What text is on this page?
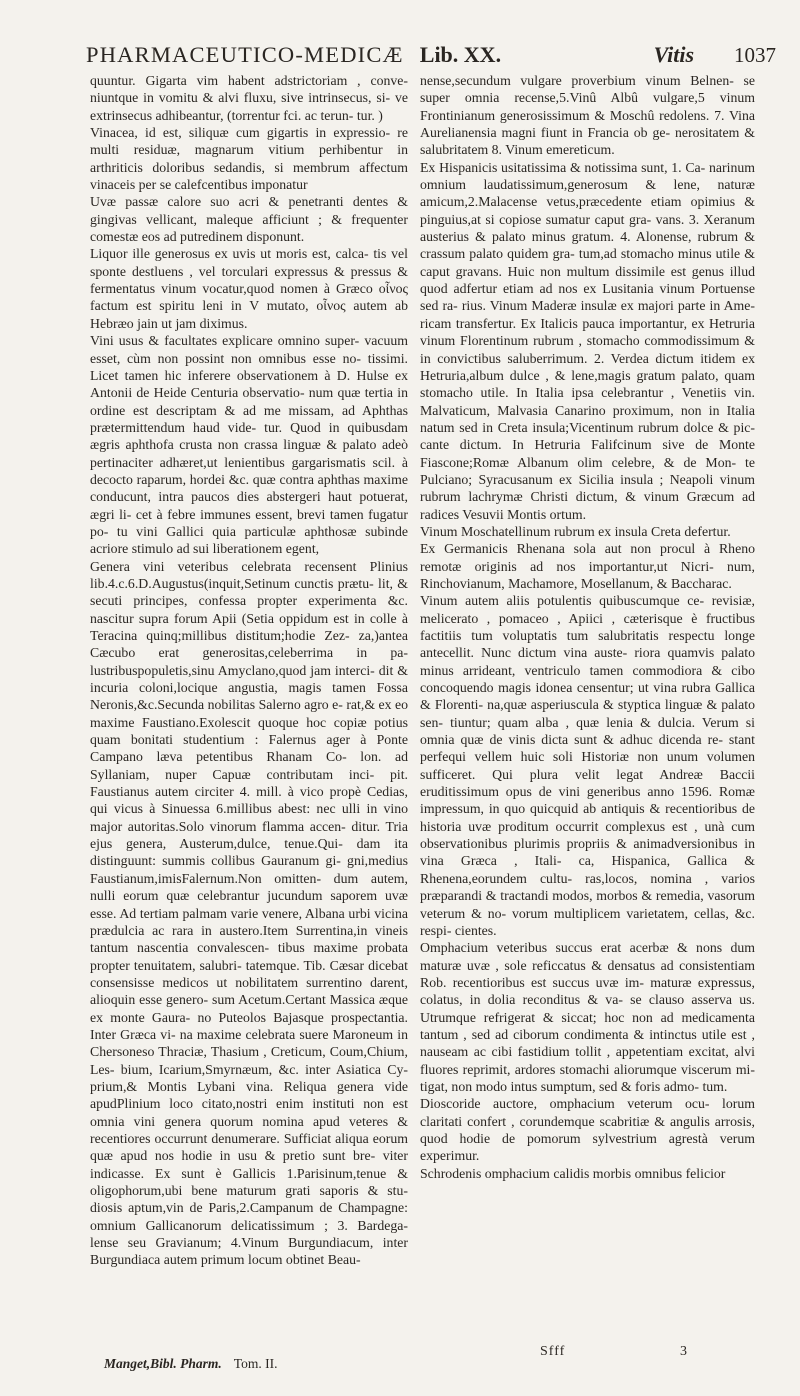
PHARMACEUTICO-MEDICÆ Lib. XX.	Vitis 1037

quuntur. Gigarta vim habent adstrictoriam , conve- niuntque in vomitu & alvi fluxu, sive intrinsecus, si- ve extrinsecus adhibeantur, (torrentur fci. ac terun- tur. )

Vinacea, id est, siliquæ cum gigartis in expressio- re multi residuæ, magnarum vitium perhibentur in arthriticis doloribus sedandis, si membrum affectum vinaceis per se calefcentibus imponatur

Uvæ passæ calore suo acri & penetranti dentes & gingivas vellicant, maleque afficiunt ; & frequenter comestæ eos ad putredinem disponunt.

Liquor ille generosus ex uvis ut moris est, calca- tis vel sponte destluens , vel torculari expressus & pressus & fermentatus vinum vocatur,quod nomen à Græco οἶνος factum est spiritu leni in V mutato, οἶνος autem ab Hebræo jain ut jam diximus.

Vini usus & facultates explicare omnino super- vacuum esset, cùm non possint non omnibus esse no- tissimi. Licet tamen hic inferere observationem à D. Hulse ex Antonii de Heide Centuria observatio- num quæ tertia in ordine est descriptam & ad me missam, ad Aphthas prætermittendum haud vide- tur. Quod in quibusdam ægris aphthofa crusta non crassa linguæ & palato adeò pertinaciter adhæret,ut lenientibus gargarismatis scil. à decocto raparum, hordei &c. quæ contra aphthas maxime conducunt, intra paucos dies abstergeri haut potuerat, ægri li- cet à febre immunes essent, brevi tamen fugatur po- tu vini Gallici quia particulæ aphthosæ subinde acriore stimulo ad sui liberationem egent,

Genera vini veteribus celebrata recensent Plinius lib.4.c.6.D.Augustus(inquit,Setinum cunctis prætu- lit, & secuti principes, confessa propter experimenta &c. nascitur supra forum Apii (Setia oppidum est in colle à Teracina quinq;millibus distitum;hodie Zez- za,)antea Cæcubo erat generositas,celeberrima in pa- lustribuspopuletis,sinu Amyclano,quod jam interci- dit & incuria coloni,locique angustia, magis tamen Fossa Neronis,&c.Secunda nobilitas Salerno agro e- rat,& ex eo maxime Faustiano.Exolescit quoque hoc copiæ potius quam bonitati studentium : Falernus ager à Ponte Campano læva petentibus Rhanam Co- lon. ad Syllaniam, nuper Capuæ contributam inci- pit. Faustianus autem circiter 4. mill. à vico propè Cedias, qui vicus à Sinuessa 6.millibus abest: nec ulli in vino major autoritas.Solo vinorum flamma accen- ditur. Tria ejus genera, Austerum,dulce, tenue.Qui- dam ita distinguunt: summis collibus Gauranum gi- gni,medius Faustianum,imisFalernum.Non omitten- dum autem, nulli eorum quæ celebrantur jucundum saporem uvæ esse. Ad tertiam palmam varie venere, Albana urbi vicina prædulcia ac rara in austero.Item Surrentina,in vineis tantum nascentia convalescen- tibus maxime probata propter tenuitatem, salubri- tatemque. Tib. Cæsar dicebat consensisse medicos ut nobilitatem surrentino darent, alioquin esse genero- sum Acetum.Certant Massica æque ex monte Gaura- no Puteolos Bajasque prospectantia. Inter Græca vi- na maxime celebrata suere Maroneum in Chersoneso Thraciæ, Thasium , Creticum, Coum,Chium, Les- bium, Icarium,Smyrnæum, &c. inter Asiatica Cy- prium,& Montis Lybani vina. Reliqua genera vide apudPlinium loco citato,nostri enim instituti non est omnia vini genera quorum nomina apud veteres & recentiores occurrunt denumerare. Sufficiat aliqua eorum quæ apud nos hodie in usu & pretio sunt bre- viter indicasse. Ex sunt è Gallicis 1.Parisinum,tenue & oligophorum,ubi bene maturum grati saporis & stu- diosis aptum,vin de Paris,2.Campanum de Champagne: omnium Gallicanorum delicatissimum ; 3. Bardega- lense seu Gravianum; 4.Vinum Burgundiacum, inter Burgundiaca autem primum locum obtinet Beau-

nense,secundum vulgare proverbium vinum Belnen- se super omnia recense,5.Vinû Albû vulgare,5 vinum Frontinianum generosissimum & Moschû redolens. 7. Vina Aurelianensia magni fiunt in Francia ob ge- nerositatem & salubritatem 8. Vinum emereticum.

Ex Hispanicis usitatissima & notissima sunt, 1. Ca- narinum omnium laudatissimum,generosum & lene, naturæ amicum,2.Malacense vetus,præcedente etiam opimius & pinguius,at si copiose sumatur caput gra- vans. 3. Xeranum austerius & palato minus gratum. 4. Alonense, rubrum & crassum palato quidem gra- tum,ad stomacho minus utile & caput gravans. Huic non multum dissimile est genus illud quod adfertur etiam ad nos ex Lusitania vinum Portuense sed ra- rius. Vinum Maderæ insulæ ex majori parte in Ame- ricam transfertur. Ex Italicis pauca importantur, ex Hetruria vinum Florentinum rubrum , stomacho commodissimum & in convictibus saluberrimum. 2. Verdea dictum itidem ex Hetruria,album dulce , & lene,magis gratum palato, quam stomacho utile. In Italia ipsa celebrantur , Venetiis vin. Malvaticum, Malvasia Canarino proximum, non in Italia natum sed in Creta insula;Vicentinum rubrum dolce & pic- cante dictum. In Hetruria Falifcinum sive de Monte Fiascone;Romæ Albanum olim celebre, & de Mon- te Pulciano; Syracusanum ex Sicilia insula ; Neapoli vinum rubrum lachrymæ Christi dictum, & vinum Græcum ad radices Vesuvii Montis ortum.

Vinum Moschatellinum rubrum ex insula Creta defertur.

Ex Germanicis Rhenana sola aut non procul à Rheno remotæ originis ad nos importantur,ut Nicri- num, Rinchovianum, Machamore, Mosellanum, & Baccharac.

Vinum autem aliis potulentis quibuscumque ce- revisiæ, melicerato , pomaceo , Apiici , cæterisque è fructibus factitiis tum voluptatis tum salubritatis respectu longe antecellit. Nunc dictum vina auste- riora quamvis palato minus arrideant, ventriculo tamen commodiora & cibo concoquendo magis idonea censentur; ut vina rubra Gallica & Florenti- na,quæ asperiuscula & styptica linguæ & palato sen- tiuntur; quam alba , quæ lenia & dulcia. Verum si omnia quæ de vinis dicta sunt & adhuc dicenda re- stant perfequi vellem huic soli Historiæ non unum volumen sufficeret. Qui plura velit legat Andreæ Baccii eruditissimum opus de vini generibus anno 1596. Romæ impressum, in quo quicquid ab antiquis & recentioribus de historia uvæ proditum occurrit complexus est , unà cum observationibus plurimis propriis & animadversionibus in vina Græca , Itali- ca, Hispanica, Gallica & Rhenena,eorundem cultu- ras,locos, nomina , varios præparandi & tractandi modos, morbos & remedia, vasorum veterum & no- vorum multiplicem varietatem, cellas, &c. respi- cientes.

Omphacium veteribus succus erat acerbæ & nons dum maturæ uvæ , sole reficcatus & densatus ad consistentiam Rob. recentioribus est succus uvæ im- maturæ expressus, colatus, in dolia reconditus & va- se clauso asserva us. Utrumque refrigerat & siccat; hoc non ad medicamenta tantum , sed ad ciborum condimenta & intinctus utile est , nauseam ac cibi fastidium tollit , appetentiam excitat, alvi fluores reprimit, ardores stomachi aliorumque viscerum mi- tigat, non modo intus sumptum, sed & foris admo- tum.

Dioscoride auctore, omphacium veterum ocu- lorum claritati confert , corundemque scabritiæ & angulis arrosis, quod hodie de pomorum sylvestrium agrestà verum experimur.

Schrodenis omphacium calidis morbis omnibus felicior

Manget,Bibl. Pharm. Tom. II.
Sfff	3
